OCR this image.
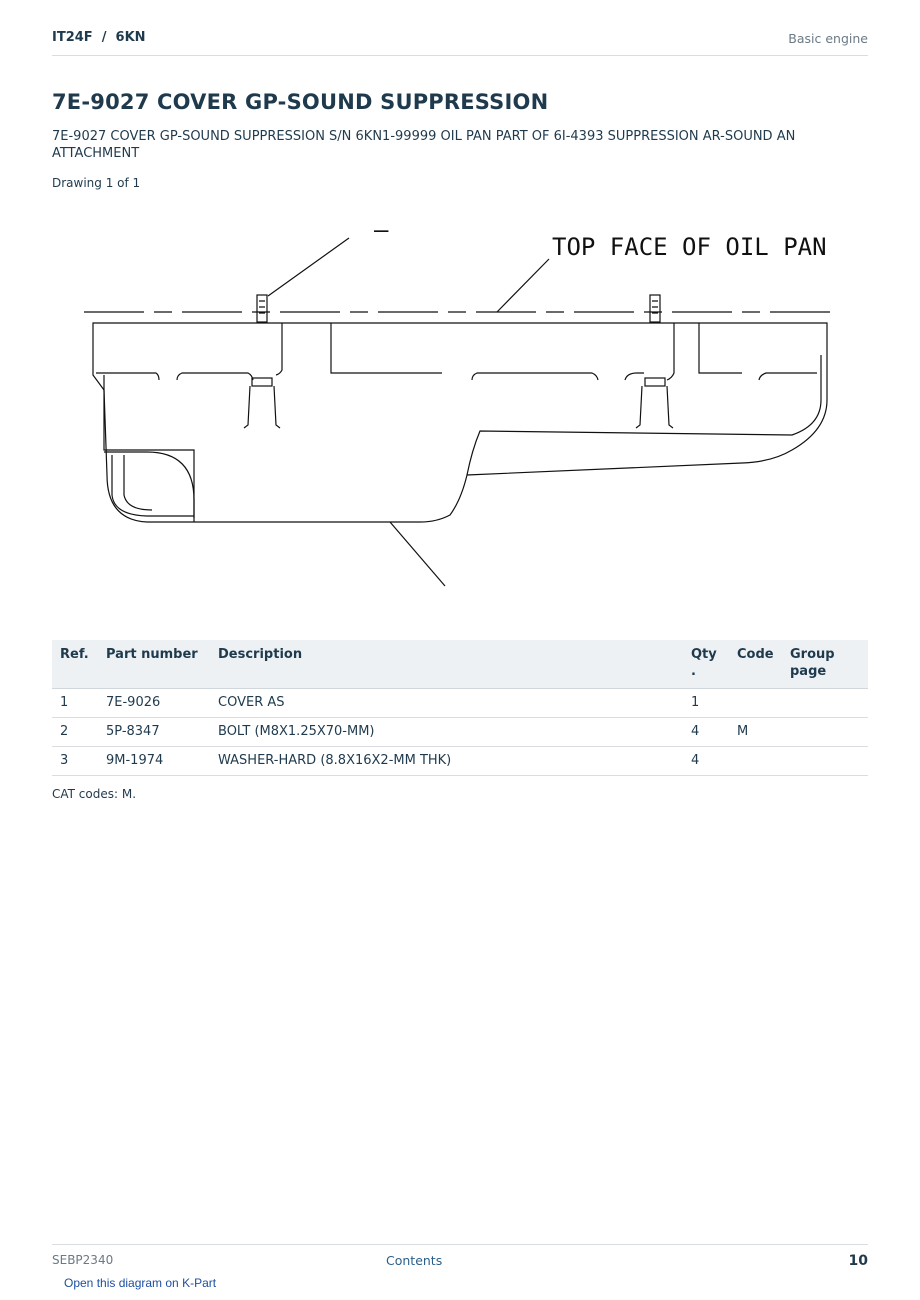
IT24F  /  6KN	Basic engine
7E-9027 COVER GP-SOUND SUPPRESSION
7E-9027 COVER GP-SOUND SUPPRESSION S/N 6KN1-99999 OIL PAN PART OF 6I-4393 SUPPRESSION AR-SOUND AN ATTACHMENT
Drawing 1 of 1
TOP FACE OF OIL PAN
–
Ref.	Part number	Description	Qty .	Code	Group page
1	7E-9026	COVER AS	1		
2	5P-8347	BOLT (M8X1.25X70-MM)	4	M	
3	9M-1974	WASHER-HARD (8.8X16X2-MM THK)	4		
CAT codes: M.
SEBP2340	Contents	10
Open this diagram on K-Part
